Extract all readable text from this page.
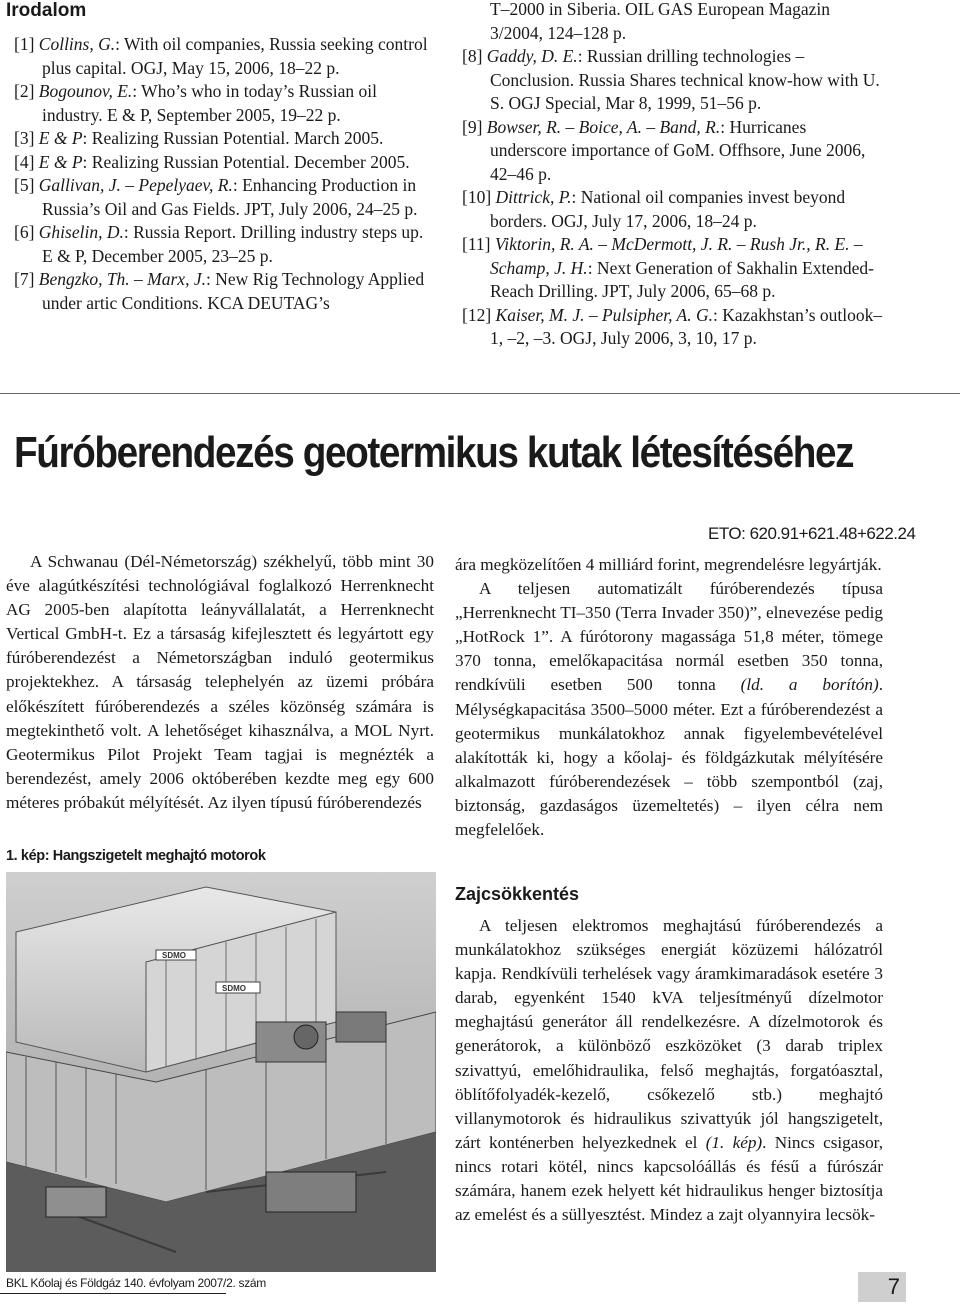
Irodalom
[1] Collins, G.: With oil companies, Russia seeking control plus capital. OGJ, May 15, 2006, 18–22 p.
[2] Bogounov, E.: Who’s who in today’s Russian oil industry. E & P, September 2005, 19–22 p.
[3] E & P: Realizing Russian Potential. March 2005.
[4] E & P: Realizing Russian Potential. December 2005.
[5] Gallivan, J. – Pepelyaev, R.: Enhancing Production in Russia’s Oil and Gas Fields. JPT, July 2006, 24–25 p.
[6] Ghiselin, D.: Russia Report. Drilling industry steps up. E & P, December 2005, 23–25 p.
[7] Bengzko, Th. – Marx, J.: New Rig Technology Applied under artic Conditions. KCA DEUTAG’s
T–2000 in Siberia. OIL GAS European Magazin 3/2004, 124–128 p.
[8] Gaddy, D. E.: Russian drilling technologies – Conclusion. Russia Shares technical know-how with U. S. OGJ Special, Mar 8, 1999, 51–56 p.
[9] Bowser, R. – Boice, A. – Band, R.: Hurricanes underscore importance of GoM. Offhsore, June 2006, 42–46 p.
[10] Dittrick, P.: National oil companies invest beyond borders. OGJ, July 17, 2006, 18–24 p.
[11] Viktorin, R. A. – McDermott, J. R. – Rush Jr., R. E. – Schamp, J. H.: Next Generation of Sakhalin Extended-Reach Drilling. JPT, July 2006, 65–68 p.
[12] Kaiser, M. J. – Pulsipher, A. G.: Kazakhstan’s outlook–1, –2, –3. OGJ, July 2006, 3, 10, 17 p.
Fúróberendezés geotermikus kutak létesítéséhez
ETO: 620.91+621.48+622.24

A Schwanau (Dél-Németország) székhelyű, több mint 30 éve alagútkészítési technológiával foglalkozó Herrenknecht AG 2005-ben alapította leányvállalatát, a Herrenknecht Vertical GmbH-t. Ez a társaság kifejlesztett és legyártott egy fúróberendezést a Németországban induló geotermikus projektekhez. A társaság telephelyén az üzemi próbára előkészített fúróberendezés a széles közönség számára is megtekinthető volt. A lehetőséget kihasználva, a MOL Nyrt. Geotermikus Pilot Projekt Team tagjai is megnézték a berendezést, amely 2006 októberében kezdte meg egy 600 méteres próbakút mélyítését. Az ilyen típusú fúróberendezés

1. kép: Hangszigetelt meghajtó motorok
SDMO
SDMO

ára megközelítően 4 milliárd forint, megrendelésre legyártják.

A teljesen automatizált fúróberendezés típusa „Herrenknecht TI–350 (Terra Invader 350)”, elnevezése pedig „HotRock 1”. A fúrótorony magassága 51,8 méter, tömege 370 tonna, emelőkapacitása normál esetben 350 tonna, rendkívüli esetben 500 tonna (ld. a borítón). Mélységkapacitása 3500–5000 méter. Ezt a fúróberendezést a geotermikus munkálatokhoz annak figyelembevételével alakították ki, hogy a kőolaj- és földgázkutak mélyítésére alkalmazott fúróberendezések – több szempontból (zaj, biztonság, gazdaságos üzemeltetés) – ilyen célra nem megfelelőek.

Zajcsökkentés

A teljesen elektromos meghajtású fúróberendezés a munkálatokhoz szükséges energiát közüzemi hálózatról kapja. Rendkívüli terhelések vagy áramkimaradások esetére 3 darab, egyenként 1540 kVA teljesítményű dízelmotor meghajtású generátor áll rendelkezésre. A dízelmotorok és generátorok, a különböző eszközöket (3 darab triplex szivattyú, emelőhidraulika, felső meghajtás, forgatóasztal, öblítőfolyadék-kezelő, csőkezelő stb.) meghajtó villanymotorok és hidraulikus szivattyúk jól hangszigetelt, zárt konténerben helyezkednek el (1. kép). Nincs csigasor, nincs rotari kötél, nincs kapcsolóállás és fésű a fúrószár számára, hanem ezek helyett két hidraulikus henger biztosítja az emelést és a süllyesztést. Mindez a zajt olyannyira lecsök-

BKL Kőolaj és Földgáz 140. évfolyam 2007/2. szám	7
